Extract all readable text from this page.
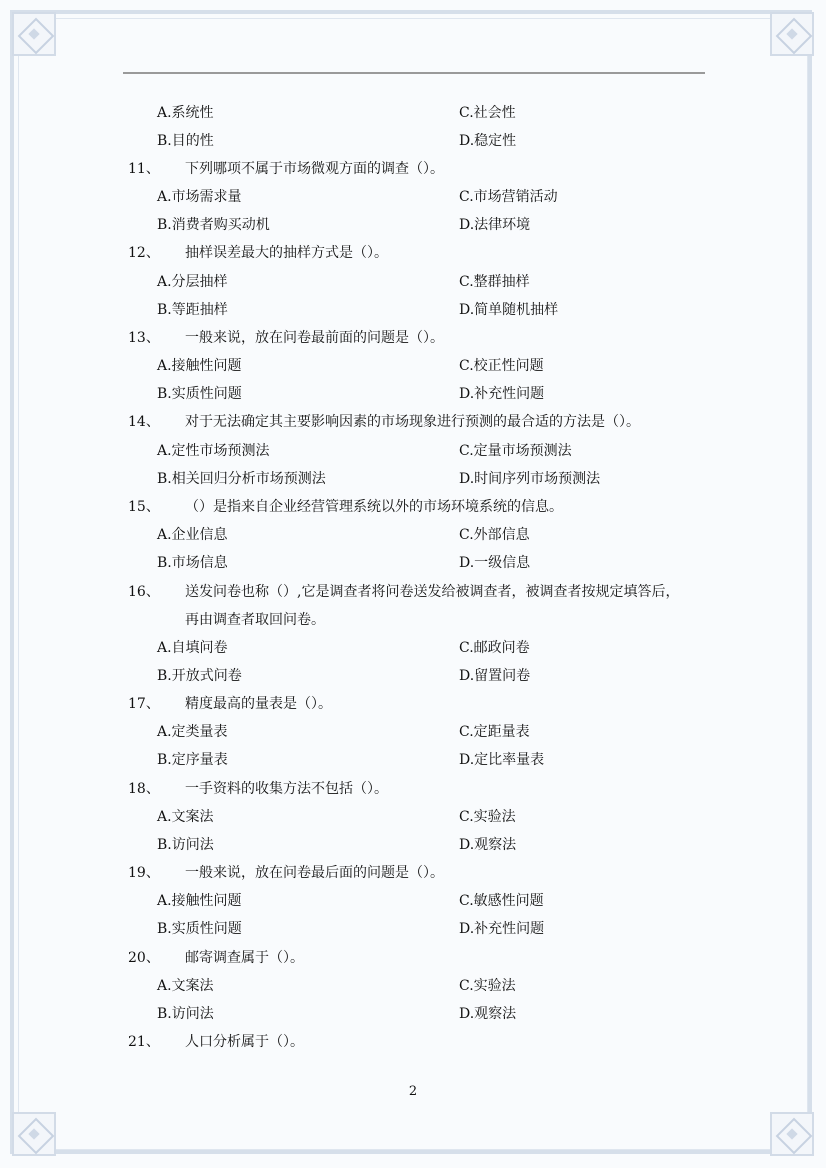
A.系统性	C.社会性
B.目的性	D.稳定性
11、 下列哪项不属于市场微观方面的调查（）。
A.市场需求量	C.市场营销活动
B.消费者购买动机	D.法律环境
12、 抽样误差最大的抽样方式是（）。
A.分层抽样	C.整群抽样
B.等距抽样	D.简单随机抽样
13、 一般来说，放在问卷最前面的问题是（）。
A.接触性问题	C.校正性问题
B.实质性问题	D.补充性问题
14、 对于无法确定其主要影响因素的市场现象进行预测的最合适的方法是（）。
A.定性市场预测法	C.定量市场预测法
B.相关回归分析市场预测法	D.时间序列市场预测法
15、 （）是指来自企业经营管理系统以外的市场环境系统的信息。
A.企业信息	C.外部信息
B.市场信息	D.一级信息
16、 送发问卷也称（）,它是调查者将问卷送发给被调查者，被调查者按规定填答后，
再由调查者取回问卷。
A.自填问卷	C.邮政问卷
B.开放式问卷	D.留置问卷
17、 精度最高的量表是（）。
A.定类量表	C.定距量表
B.定序量表	D.定比率量表
18、 一手资料的收集方法不包括（）。
A.文案法	C.实验法
B.访问法	D.观察法
19、 一般来说，放在问卷最后面的问题是（）。
A.接触性问题	C.敏感性问题
B.实质性问题	D.补充性问题
20、 邮寄调查属于（）。
A.文案法	C.实验法
B.访问法	D.观察法
21、 人口分析属于（）。
2
